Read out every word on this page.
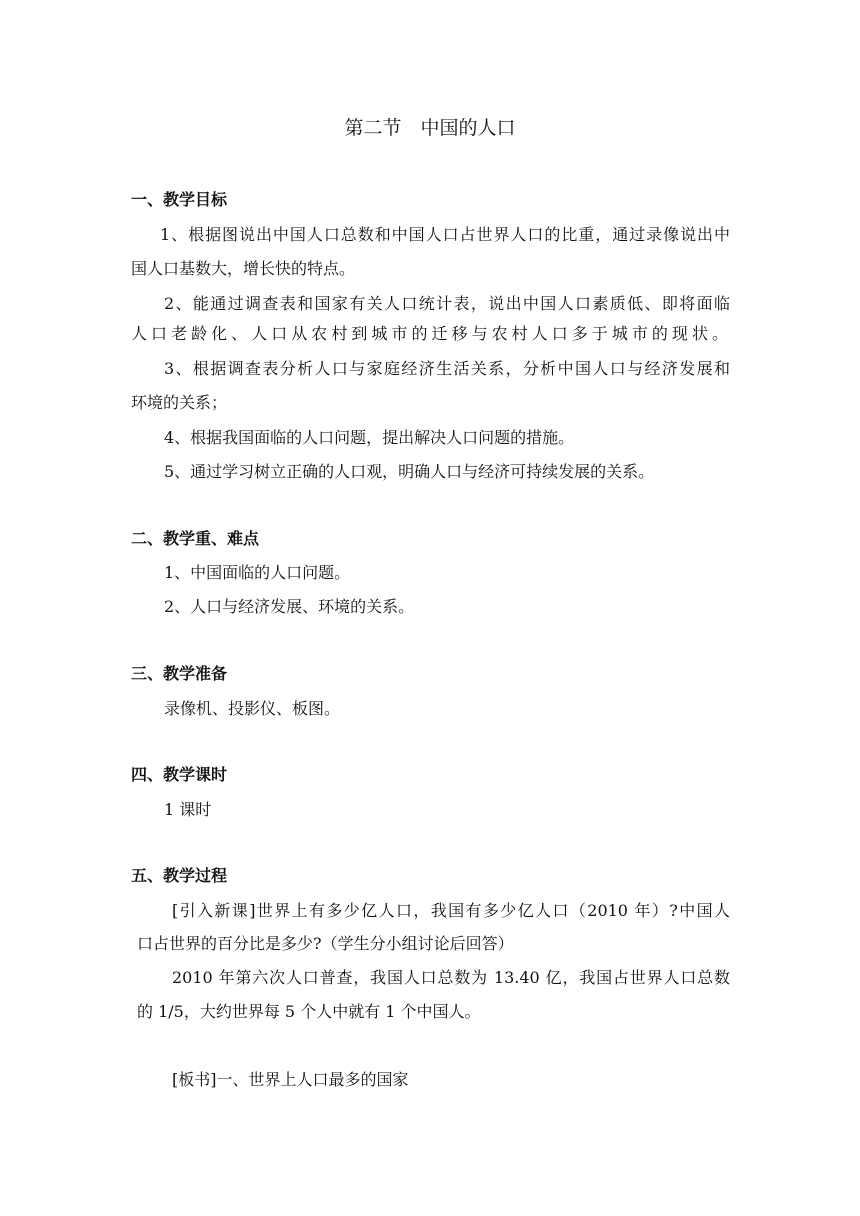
第二节　中国的人口
一、教学目标
1、根据图说出中国人口总数和中国人口占世界人口的比重，通过录像说出中
国人口基数大，增长快的特点。
2、能通过调查表和国家有关人口统计表，说出中国人口素质低、即将面临
人口老龄化、人口从农村到城市的迁移与农村人口多于城市的现状。
3、根据调查表分析人口与家庭经济生活关系，分析中国人口与经济发展和
环境的关系；
4、根据我国面临的人口问题，提出解决人口问题的措施。
5、通过学习树立正确的人口观，明确人口与经济可持续发展的关系。
二、教学重、难点
1、中国面临的人口问题。
2、人口与经济发展、环境的关系。
三、教学准备
录像机、投影仪、板图。
四、教学课时
1 课时
五、教学过程
[引入新课]世界上有多少亿人口，我国有多少亿人口（2010 年）?中国人
口占世界的百分比是多少?（学生分小组讨论后回答）
2010 年第六次人口普查，我国人口总数为 13.40 亿，我国占世界人口总数
的 1/5，大约世界每 5 个人中就有 1 个中国人。
[板书]一、世界上人口最多的国家
